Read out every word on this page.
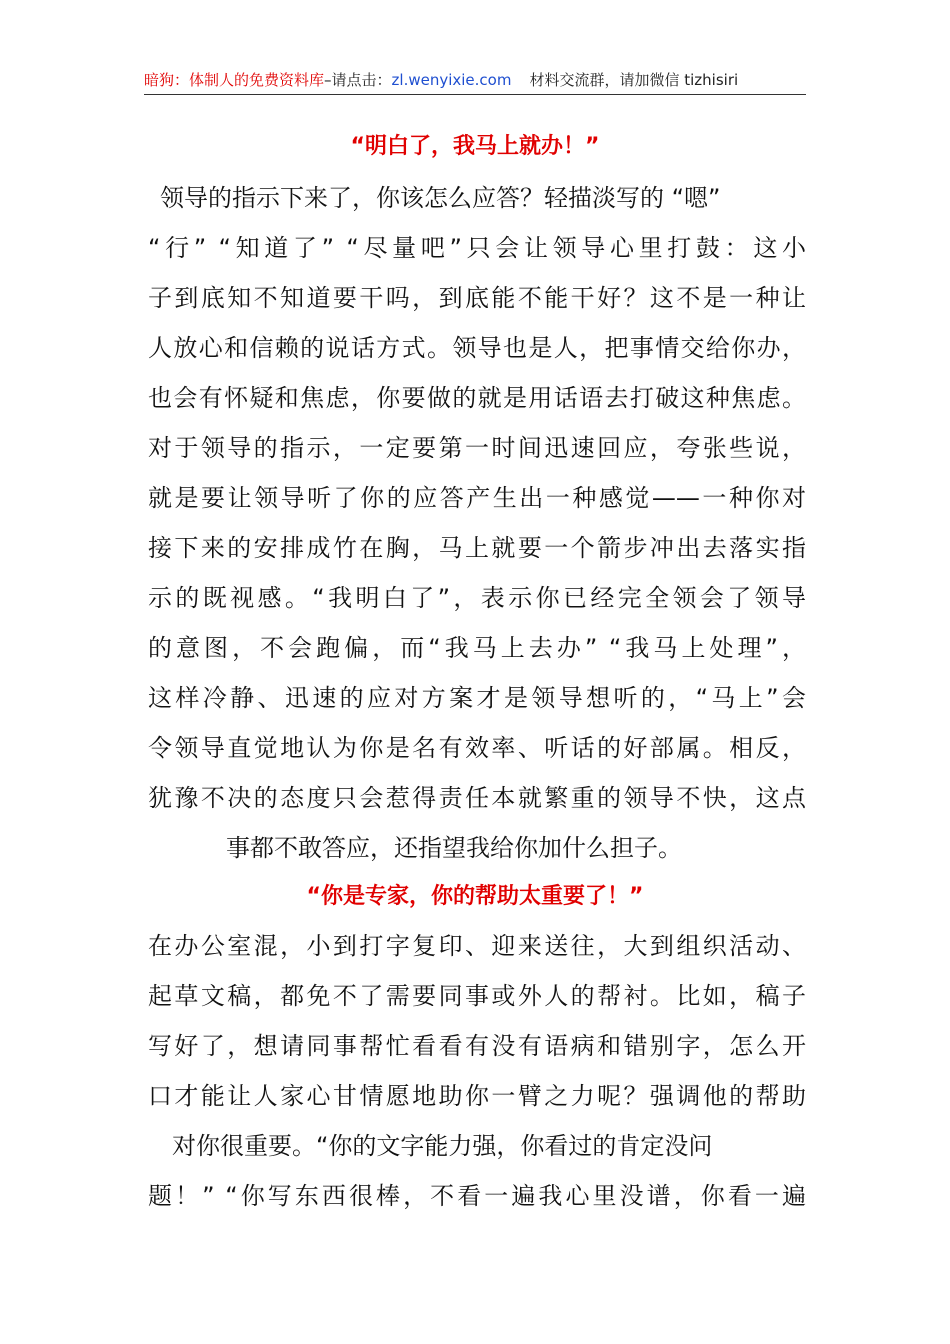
暗狗：体制人的免费资料库–请点击：zl.wenyixie.com 材料交流群，请加微信 tizhisiri
“明白了，我马上就办！”
领导的指示下来了，你该怎么应答？轻描淡写的 “嗯”
“行” “知道了” “尽量吧”只会让领导心里打鼓：这小
子到底知不知道要干吗，到底能不能干好？这不是一种让
人放心和信赖的说话方式。领导也是人，把事情交给你办，
也会有怀疑和焦虑，你要做的就是用话语去打破这种焦虑。
对于领导的指示，一定要第一时间迅速回应，夸张些说，
就是要让领导听了你的应答产生出一种感觉——一种你对
接下来的安排成竹在胸，马上就要一个箭步冲出去落实指
示的既视感。“我明白了”，表示你已经完全领会了领导
的意图，不会跑偏，而“我马上去办” “我马上处理”，
这样冷静、迅速的应对方案才是领导想听的，“马上”会
令领导直觉地认为你是名有效率、听话的好部属。相反，
犹豫不决的态度只会惹得责任本就繁重的领导不快，这点
事都不敢答应，还指望我给你加什么担子。
“你是专家，你的帮助太重要了！”
在办公室混，小到打字复印、迎来送往，大到组织活动、
起草文稿，都免不了需要同事或外人的帮衬。比如，稿子
写好了，想请同事帮忙看看有没有语病和错别字，怎么开
口才能让人家心甘情愿地助你一臂之力呢？强调他的帮助
对你很重要。“你的文字能力强，你看过的肯定没问
题！” “你写东西很棒，不看一遍我心里没谱，你看一遍
